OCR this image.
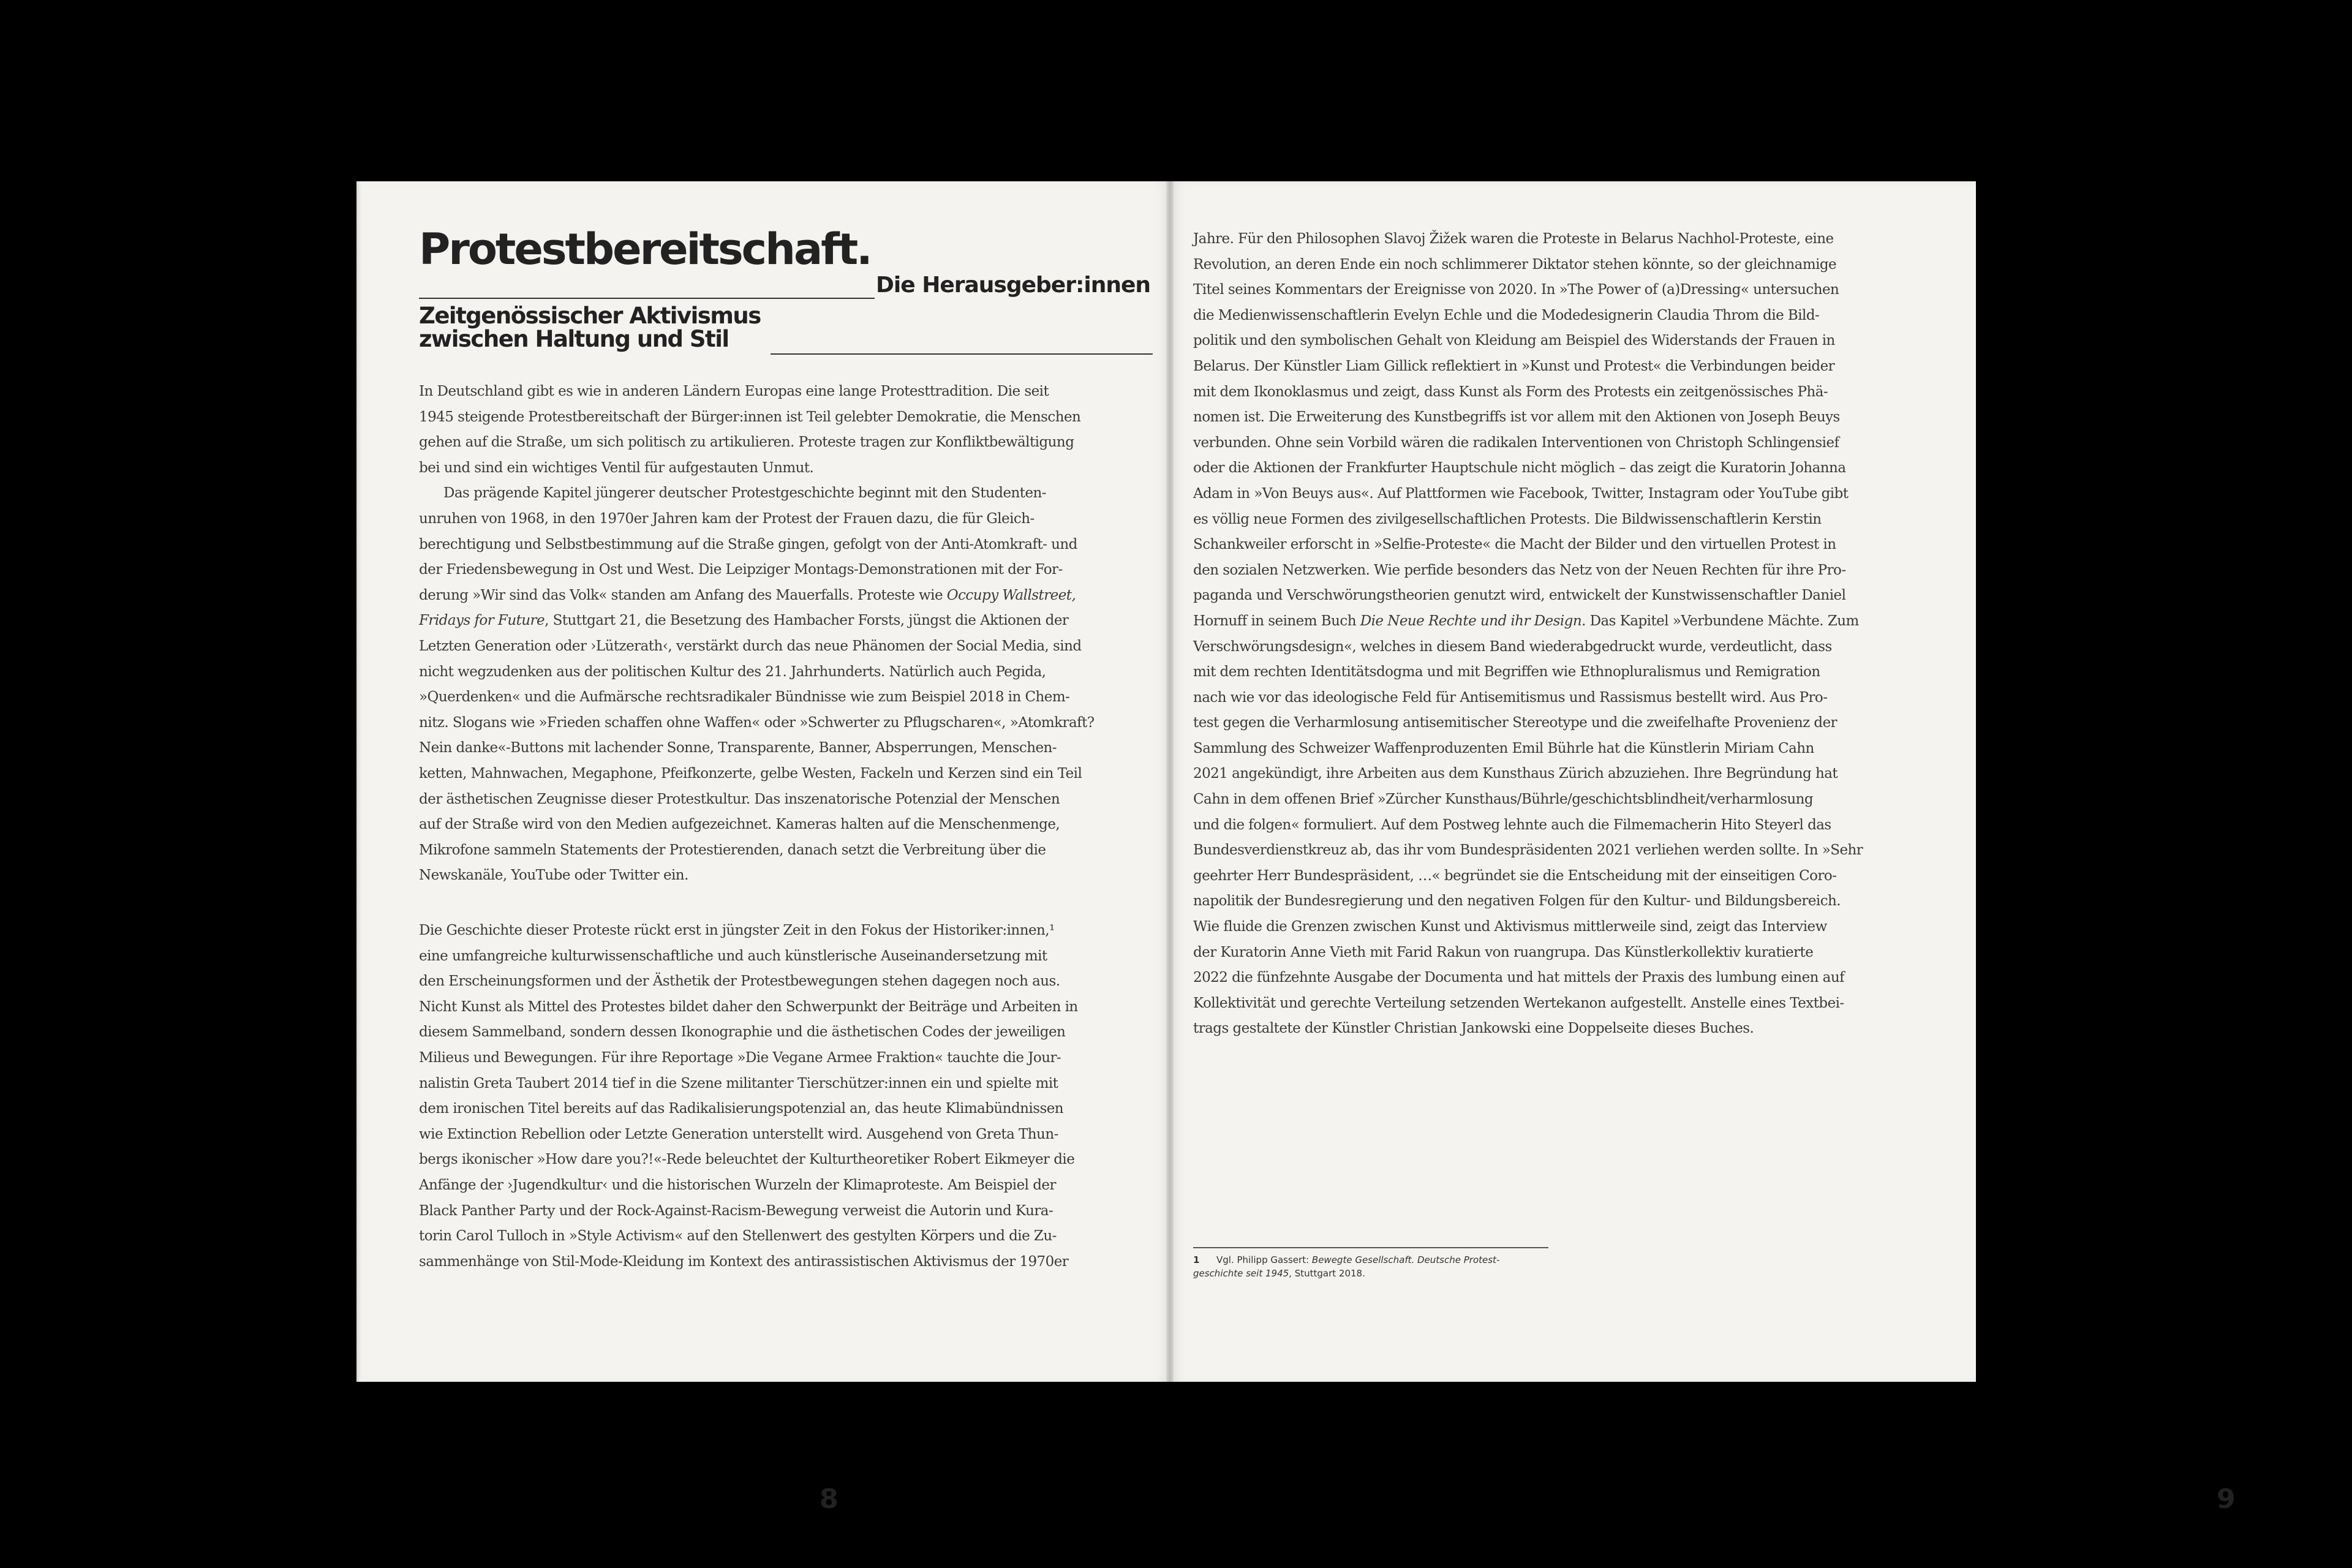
Protestbereitschaft.
Die Herausgeber:innen
Zeitgenössischer Aktivismus
zwischen Haltung und Stil
In Deutschland gibt es wie in anderen Ländern Europas eine lange Protesttradition. Die seit
1945 steigende Protestbereitschaft der Bürger:innen ist Teil gelebter Demokratie, die Menschen
gehen auf die Straße, um sich politisch zu artikulieren. Proteste tragen zur Konfliktbewältigung
bei und sind ein wichtiges Ventil für aufgestauten Unmut.
Das prägende Kapitel jüngerer deutscher Protestgeschichte beginnt mit den Studenten-
unruhen von 1968, in den 1970er Jahren kam der Protest der Frauen dazu, die für Gleich-
berechtigung und Selbstbestimmung auf die Straße gingen, gefolgt von der Anti-Atomkraft- und
der Friedensbewegung in Ost und West. Die Leipziger Montags-Demonstrationen mit der For-
derung »Wir sind das Volk« standen am Anfang des Mauerfalls. Proteste wie Occupy Wallstreet,
Fridays for Future, Stuttgart 21, die Besetzung des Hambacher Forsts, jüngst die Aktionen der
Letzten Generation oder ›Lützerath‹, verstärkt durch das neue Phänomen der Social Media, sind
nicht wegzudenken aus der politischen Kultur des 21. Jahrhunderts. Natürlich auch Pegida,
»Querdenken« und die Aufmärsche rechtsradikaler Bündnisse wie zum Beispiel 2018 in Chem-
nitz. Slogans wie »Frieden schaffen ohne Waffen« oder »Schwerter zu Pflugscharen«, »Atomkraft?
Nein danke«-Buttons mit lachender Sonne, Transparente, Banner, Absperrungen, Menschen-
ketten, Mahnwachen, Megaphone, Pfeifkonzerte, gelbe Westen, Fackeln und Kerzen sind ein Teil
der ästhetischen Zeugnisse dieser Protestkultur. Das inszenatorische Potenzial der Menschen
auf der Straße wird von den Medien aufgezeichnet. Kameras halten auf die Menschenmenge,
Mikrofone sammeln Statements der Protestierenden, danach setzt die Verbreitung über die
Newskanäle, YouTube oder Twitter ein.
Die Geschichte dieser Proteste rückt erst in jüngster Zeit in den Fokus der Historiker:innen,¹
eine umfangreiche kulturwissenschaftliche und auch künstlerische Auseinandersetzung mit
den Erscheinungsformen und der Ästhetik der Protestbewegungen stehen dagegen noch aus.
Nicht Kunst als Mittel des Protestes bildet daher den Schwerpunkt der Beiträge und Arbeiten in
diesem Sammelband, sondern dessen Ikonographie und die ästhetischen Codes der jeweiligen
Milieus und Bewegungen. Für ihre Reportage »Die Vegane Armee Fraktion« tauchte die Jour-
nalistin Greta Taubert 2014 tief in die Szene militanter Tierschützer:innen ein und spielte mit
dem ironischen Titel bereits auf das Radikalisierungspotenzial an, das heute Klimabündnissen
wie Extinction Rebellion oder Letzte Generation unterstellt wird. Ausgehend von Greta Thun-
bergs ikonischer »How dare you?!«-Rede beleuchtet der Kulturtheoretiker Robert Eikmeyer die
Anfänge der ›Jugendkultur‹ und die historischen Wurzeln der Klimaproteste. Am Beispiel der
Black Panther Party und der Rock-Against-Racism-Bewegung verweist die Autorin und Kura-
torin Carol Tulloch in »Style Activism« auf den Stellenwert des gestylten Körpers und die Zu-
sammenhänge von Stil-Mode-Kleidung im Kontext des antirassistischen Aktivismus der 1970er
8
Jahre. Für den Philosophen Slavoj Žižek waren die Proteste in Belarus Nachhol-Proteste, eine
Revolution, an deren Ende ein noch schlimmerer Diktator stehen könnte, so der gleichnamige
Titel seines Kommentars der Ereignisse von 2020. In »The Power of (a)Dressing« untersuchen
die Medienwissenschaftlerin Evelyn Echle und die Modedesignerin Claudia Throm die Bild-
politik und den symbolischen Gehalt von Kleidung am Beispiel des Widerstands der Frauen in
Belarus. Der Künstler Liam Gillick reflektiert in »Kunst und Protest« die Verbindungen beider
mit dem Ikonoklasmus und zeigt, dass Kunst als Form des Protests ein zeitgenössisches Phä-
nomen ist. Die Erweiterung des Kunstbegriffs ist vor allem mit den Aktionen von Joseph Beuys
verbunden. Ohne sein Vorbild wären die radikalen Interventionen von Christoph Schlingensief
oder die Aktionen der Frankfurter Hauptschule nicht möglich – das zeigt die Kuratorin Johanna
Adam in »Von Beuys aus«. Auf Plattformen wie Facebook, Twitter, Instagram oder YouTube gibt
es völlig neue Formen des zivilgesellschaftlichen Protests. Die Bildwissenschaftlerin Kerstin
Schankweiler erforscht in »Selfie-Proteste« die Macht der Bilder und den virtuellen Protest in
den sozialen Netzwerken. Wie perfide besonders das Netz von der Neuen Rechten für ihre Pro-
paganda und Verschwörungstheorien genutzt wird, entwickelt der Kunstwissenschaftler Daniel
Hornuff in seinem Buch Die Neue Rechte und ihr Design. Das Kapitel »Verbundene Mächte. Zum
Verschwörungsdesign«, welches in diesem Band wiederabgedruckt wurde, verdeutlicht, dass
mit dem rechten Identitätsdogma und mit Begriffen wie Ethnopluralismus und Remigration
nach wie vor das ideologische Feld für Antisemitismus und Rassismus bestellt wird. Aus Pro-
test gegen die Verharmlosung antisemitischer Stereotype und die zweifelhafte Provenienz der
Sammlung des Schweizer Waffenproduzenten Emil Bührle hat die Künstlerin Miriam Cahn
2021 angekündigt, ihre Arbeiten aus dem Kunsthaus Zürich abzuziehen. Ihre Begründung hat
Cahn in dem offenen Brief »Zürcher Kunsthaus/Bührle/geschichtsblindheit/verharmlosung
und die folgen« formuliert. Auf dem Postweg lehnte auch die Filmemacherin Hito Steyerl das
Bundesverdienstkreuz ab, das ihr vom Bundespräsidenten 2021 verliehen werden sollte. In »Sehr
geehrter Herr Bundespräsident, …« begründet sie die Entscheidung mit der einseitigen Coro-
napolitik der Bundesregierung und den negativen Folgen für den Kultur- und Bildungsbereich.
Wie fluide die Grenzen zwischen Kunst und Aktivismus mittlerweile sind, zeigt das Interview
der Kuratorin Anne Vieth mit Farid Rakun von ruangrupa. Das Künstlerkollektiv kuratierte
2022 die fünfzehnte Ausgabe der Documenta und hat mittels der Praxis des lumbung einen auf
Kollektivität und gerechte Verteilung setzenden Wertekanon aufgestellt. Anstelle eines Textbei-
trags gestaltete der Künstler Christian Jankowski eine Doppelseite dieses Buches.
1 Vgl. Philipp Gassert: Bewegte Gesellschaft. Deutsche Protest-
geschichte seit 1945, Stuttgart 2018.
9
